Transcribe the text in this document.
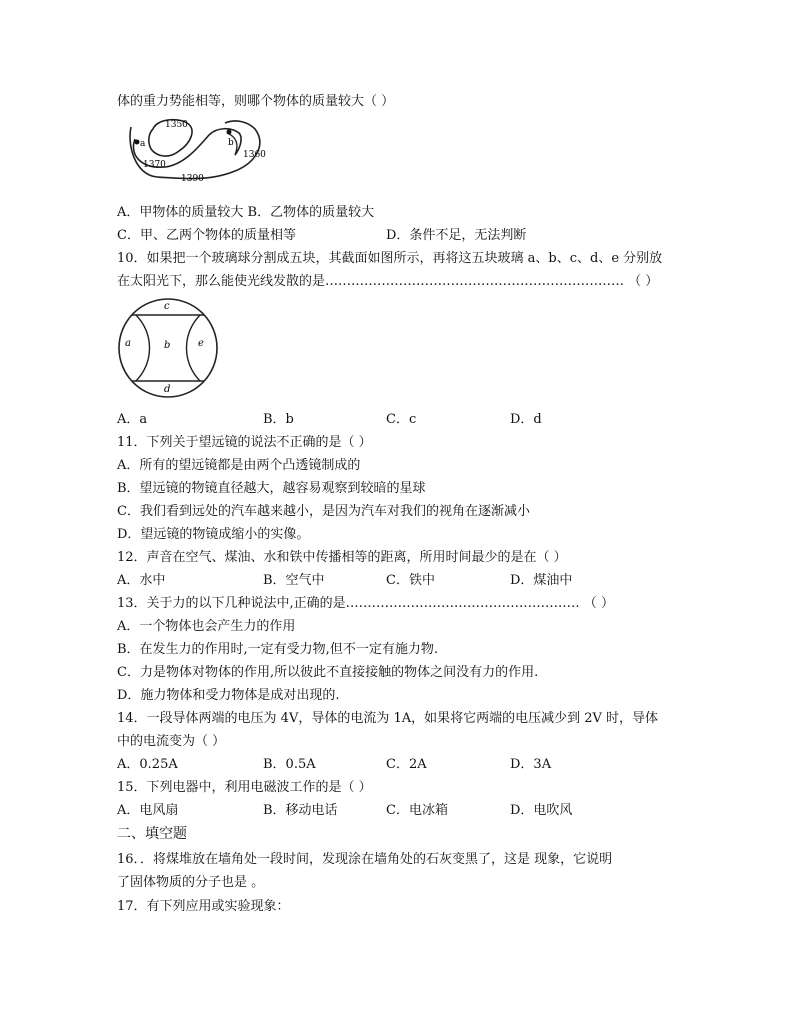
体的重力势能相等，则哪个物体的质量较大（ ）
1350
a	b
1360
1370
1390
A．甲物体的质量较大 B．乙物体的质量较大
C．甲、乙两个物体的质量相等	D．条件不足，无法判断
10．如果把一个玻璃球分割成五块，其截面如图所示，再将这五块玻璃 a、b、c、d、e 分别放
在太阳光下，那么能使光线发散的是…………………………………………………………… （ ）
c
a	b	e
d
A．a	B．b	C．c	D．d
11．下列关于望远镜的说法不正确的是（ ）
A．所有的望远镜都是由两个凸透镜制成的
B．望远镜的物镜直径越大，越容易观察到较暗的星球
C．我们看到远处的汽车越来越小，是因为汽车对我们的视角在逐渐减小
D．望远镜的物镜成缩小的实像。
12．声音在空气、煤油、水和铁中传播相等的距离，所用时间最少的是在（ ）
A．水中	B．空气中	C．铁中	D．煤油中
13．关于力的以下几种说法中,正确的是……………………………………………… （ ）
A．一个物体也会产生力的作用
B．在发生力的作用时,一定有受力物,但不一定有施力物.
C．力是物体对物体的作用,所以彼此不直接接触的物体之间没有力的作用.
D．施力物体和受力物体是成对出现的.
14．一段导体两端的电压为 4V，导体的电流为 1A，如果将它两端的电压减少到 2V 时，导体
中的电流变为（ ）
A．0.25A	B．0.5A	C．2A	D．3A
15．下列电器中，利用电磁波工作的是（ ）
A．电风扇	B．移动电话	C．电冰箱	D．电吹风
二、填空题
16．．将煤堆放在墙角处一段时间，发现涂在墙角处的石灰变黑了，这是 现象，它说明
了固体物质的分子也是 。
17．有下列应用或实验现象：
